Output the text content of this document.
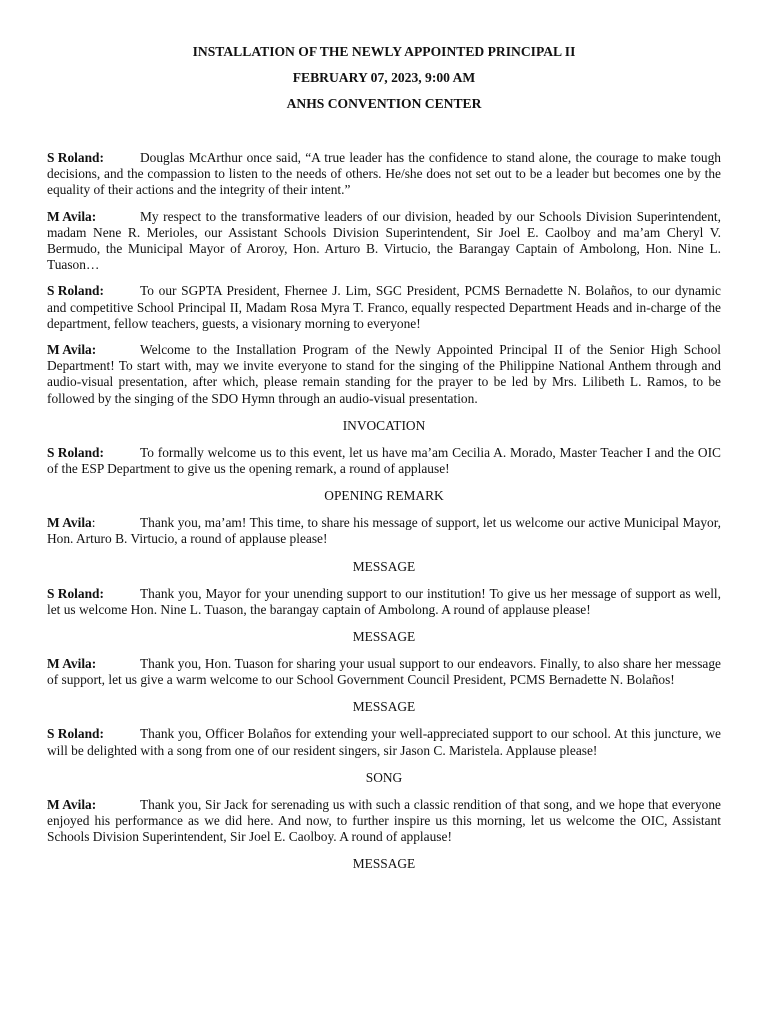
INSTALLATION OF THE NEWLY APPOINTED PRINCIPAL II
FEBRUARY 07, 2023, 9:00 AM
ANHS CONVENTION CENTER

S Roland:	Douglas McArthur once said, “A true leader has the confidence to stand alone, the courage to make tough decisions, and the compassion to listen to the needs of others. He/she does not set out to be a leader but becomes one by the equality of their actions and the integrity of their intent.”

M Avila:	My respect to the transformative leaders of our division, headed by our Schools Division Superintendent, madam Nene R. Merioles, our Assistant Schools Division Superintendent, Sir Joel E. Caolboy and ma’am Cheryl V. Bermudo, the Municipal Mayor of Aroroy, Hon. Arturo B. Virtucio, the Barangay Captain of Ambolong, Hon. Nine L. Tuason…

S Roland:	To our SGPTA President, Fhernee J. Lim, SGC President, PCMS Bernadette N. Bolaños, to our dynamic and competitive School Principal II, Madam Rosa Myra T. Franco, equally respected Department Heads and in-charge of the department, fellow teachers, guests, a visionary morning to everyone!

M Avila:	Welcome to the Installation Program of the Newly Appointed Principal II of the Senior High School Department! To start with, may we invite everyone to stand for the singing of the Philippine National Anthem through and audio-visual presentation, after which, please remain standing for the prayer to be led by Mrs. Lilibeth L. Ramos, to be followed by the singing of the SDO Hymn through an audio-visual presentation.

INVOCATION

S Roland:	To formally welcome us to this event, let us have ma’am Cecilia A. Morado, Master Teacher I and the OIC of the ESP Department to give us the opening remark, a round of applause!

OPENING REMARK

M Avila:	Thank you, ma’am! This time, to share his message of support, let us welcome our active Municipal Mayor, Hon. Arturo B. Virtucio, a round of applause please!

MESSAGE

S Roland:	Thank you, Mayor for your unending support to our institution! To give us her message of support as well, let us welcome Hon. Nine L. Tuason, the barangay captain of Ambolong. A round of applause please!

MESSAGE

M Avila:	Thank you, Hon. Tuason for sharing your usual support to our endeavors. Finally, to also share her message of support, let us give a warm welcome to our School Government Council President, PCMS Bernadette N. Bolaños!

MESSAGE

S Roland:	Thank you, Officer Bolaños for extending your well-appreciated support to our school. At this juncture, we will be delighted with a song from one of our resident singers, sir Jason C. Maristela. Applause please!

SONG

M Avila:	Thank you, Sir Jack for serenading us with such a classic rendition of that song, and we hope that everyone enjoyed his performance as we did here. And now, to further inspire us this morning, let us welcome the OIC, Assistant Schools Division Superintendent, Sir Joel E. Caolboy. A round of applause!

MESSAGE
